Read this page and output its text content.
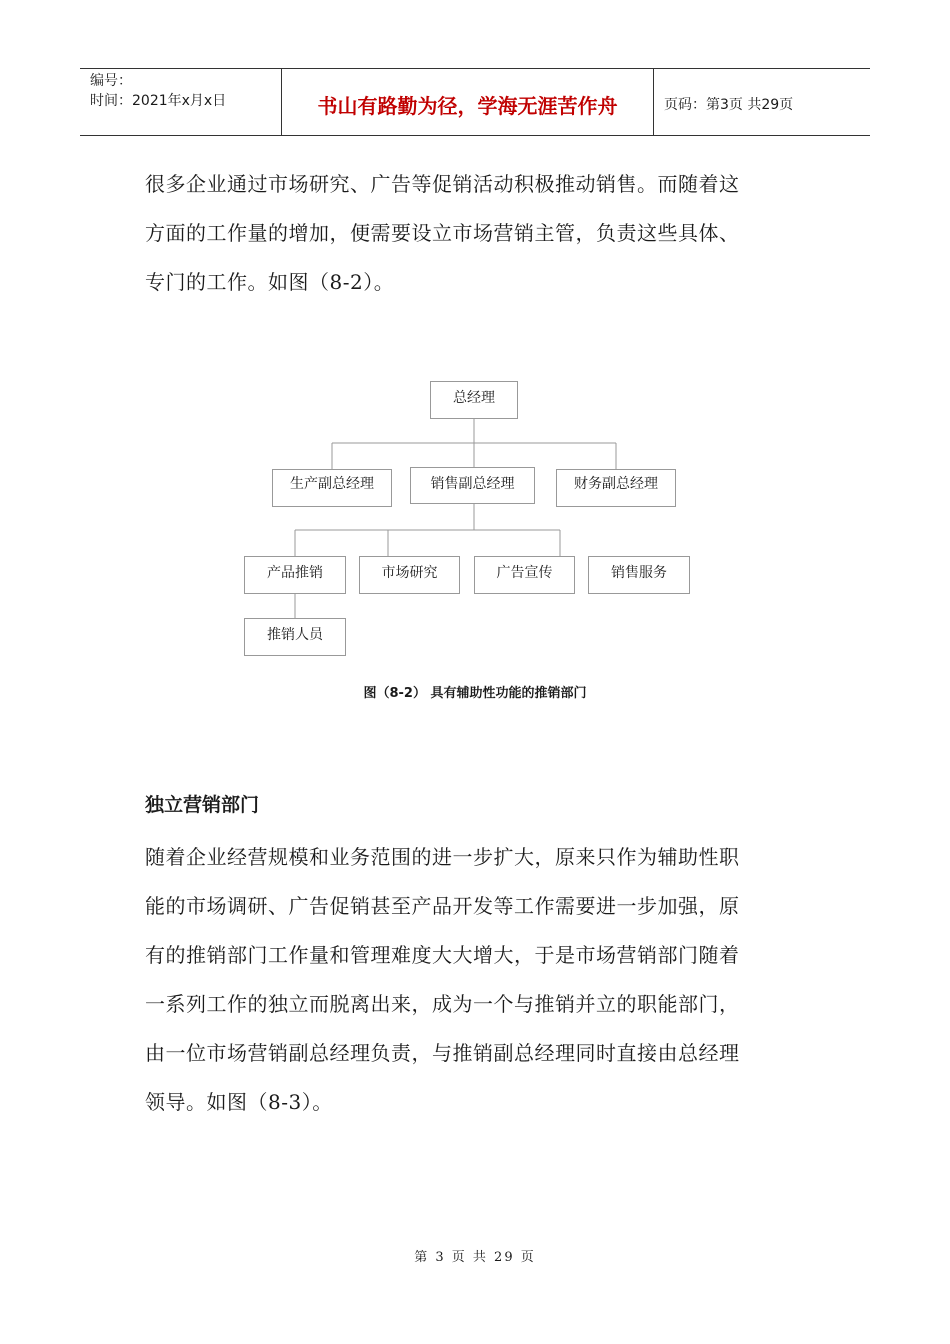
编号：
时间：2021年x月x日	书山有路勤为径，学海无涯苦作舟	页码：第3页 共29页

很多企业通过市场研究、广告等促销活动积极推动销售。而随着这
方面的工作量的增加，便需要设立市场营销主管，负责这些具体、
专门的工作。如图（8-2）。

总经理
生产副总经理	销售副总经理	财务副总经理
产品推销	市场研究	广告宣传	销售服务
推销人员
图（8-2） 具有辅助性功能的推销部门
独立营销部门

随着企业经营规模和业务范围的进一步扩大，原来只作为辅助性职
能的市场调研、广告促销甚至产品开发等工作需要进一步加强，原
有的推销部门工作量和管理难度大大增大，于是市场营销部门随着
一系列工作的独立而脱离出来，成为一个与推销并立的职能部门，
由一位市场营销副总经理负责，与推销副总经理同时直接由总经理
领导。如图（8-3）。

第 3 页 共 29 页
